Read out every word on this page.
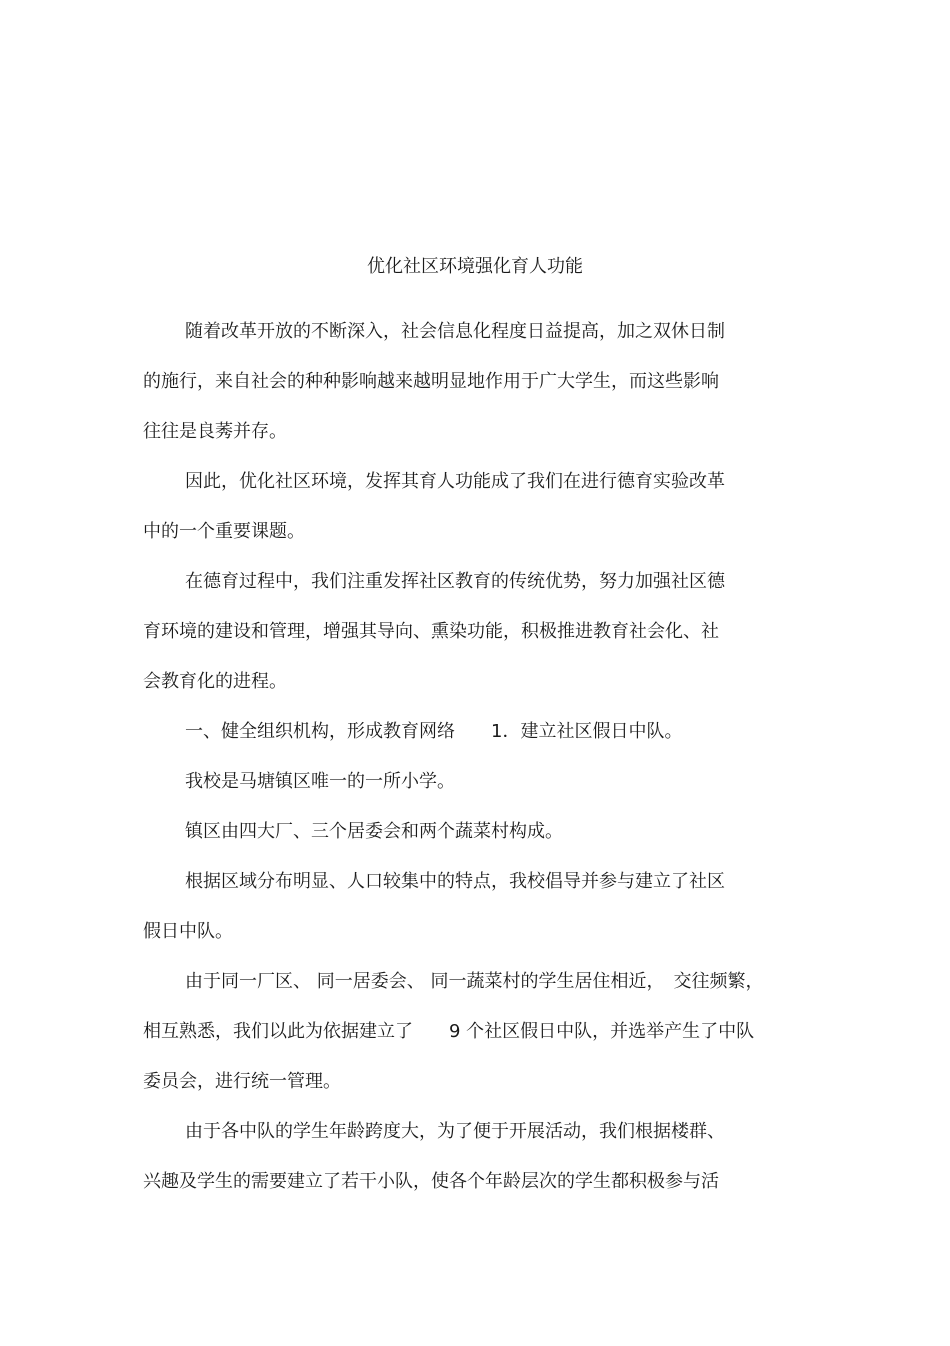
优化社区环境强化育人功能
随着改革开放的不断深入，社会信息化程度日益提高，加之双休日制
的施行，来自社会的种种影响越来越明显地作用于广大学生，而这些影响
往往是良莠并存。
因此，优化社区环境，发挥其育人功能成了我们在进行德育实验改革
中的一个重要课题。
在德育过程中，我们注重发挥社区教育的传统优势，努力加强社区德
育环境的建设和管理，增强其导向、熏染功能，积极推进教育社会化、社
会教育化的进程。
一、健全组织机构，形成教育网络　　1．建立社区假日中队。
我校是马塘镇区唯一的一所小学。
镇区由四大厂、三个居委会和两个蔬菜村构成。
根据区域分布明显、人口较集中的特点，我校倡导并参与建立了社区
假日中队。
由于同一厂区、 同一居委会、 同一蔬菜村的学生居住相近，　交往频繁，
相互熟悉，我们以此为依据建立了　　9 个社区假日中队，并选举产生了中队
委员会，进行统一管理。
由于各中队的学生年龄跨度大，为了便于开展活动，我们根据楼群、
兴趣及学生的需要建立了若干小队，使各个年龄层次的学生都积极参与活
